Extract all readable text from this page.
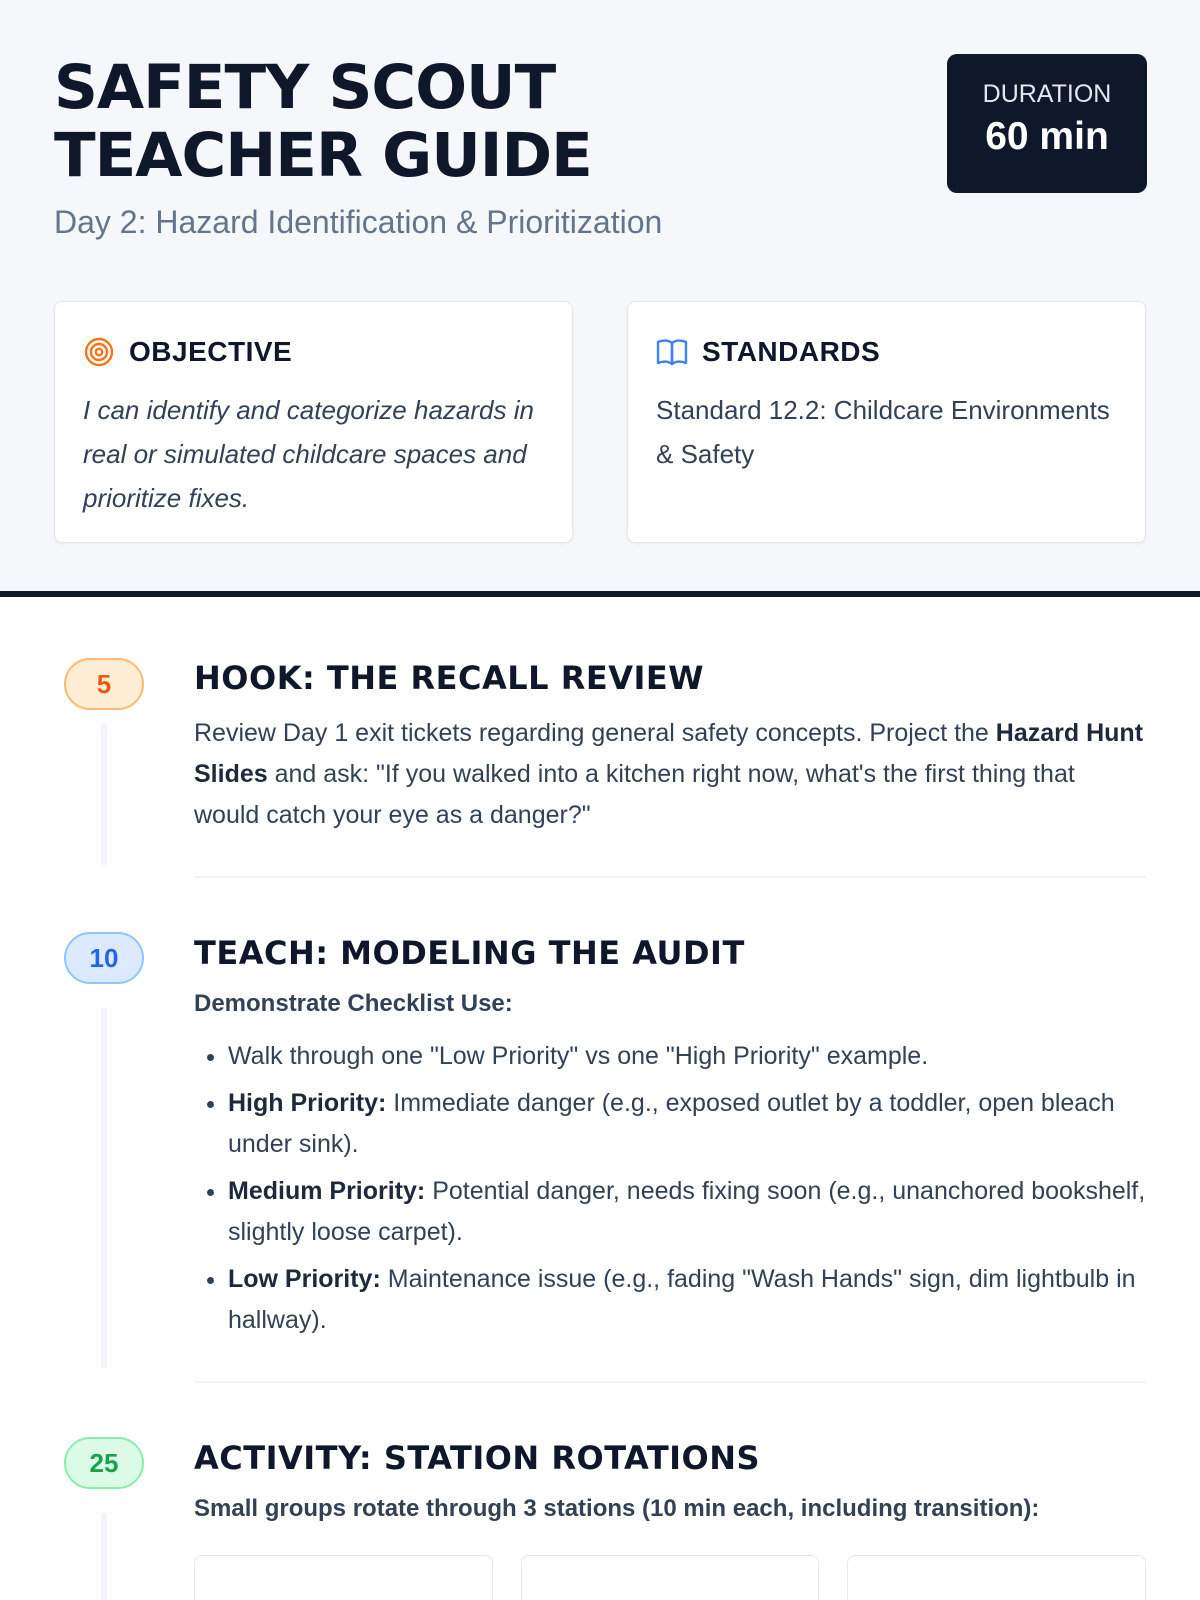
SAFETY SCOUT TEACHER GUIDE
Day 2: Hazard Identification & Prioritization
DURATION
60 min
OBJECTIVE

I can identify and categorize hazards in real or simulated childcare spaces and prioritize fixes.

STANDARDS

Standard 12.2: Childcare Environments & Safety

5	HOOK: THE RECALL REVIEW
Review Day 1 exit tickets regarding general safety concepts. Project the Hazard Hunt Slides and ask: "If you walked into a kitchen right now, what's the first thing that would catch your eye as a danger?"
10	TEACH: MODELING THE AUDIT
Demonstrate Checklist Use:
• Walk through one "Low Priority" vs one "High Priority" example.
• High Priority: Immediate danger (e.g., exposed outlet by a toddler, open bleach under sink).
• Medium Priority: Potential danger, needs fixing soon (e.g., unanchored bookshelf, slightly loose carpet).
• Low Priority: Maintenance issue (e.g., fading "Wash Hands" sign, dim lightbulb in hallway).
25	ACTIVITY: STATION ROTATIONS
Small groups rotate through 3 stations (10 min each, including transition):
